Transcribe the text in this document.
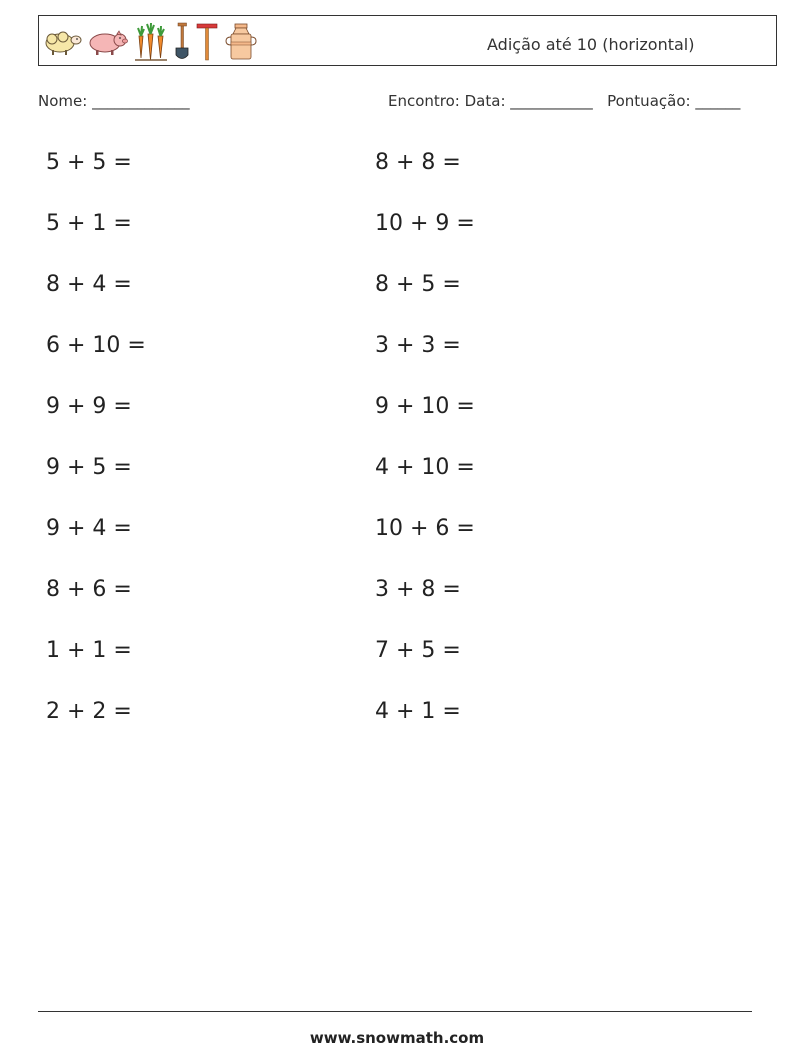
Adição até 10 (horizontal)
Nome: _____________	Encontro: Data: ___________ Pontuação: ______
5 + 5 =
5 + 1 =
8 + 4 =
6 + 10 =
9 + 9 =
9 + 5 =
9 + 4 =
8 + 6 =
1 + 1 =
2 + 2 =
8 + 8 =
10 + 9 =
8 + 5 =
3 + 3 =
9 + 10 =
4 + 10 =
10 + 6 =
3 + 8 =
7 + 5 =
4 + 1 =
www.snowmath.com
